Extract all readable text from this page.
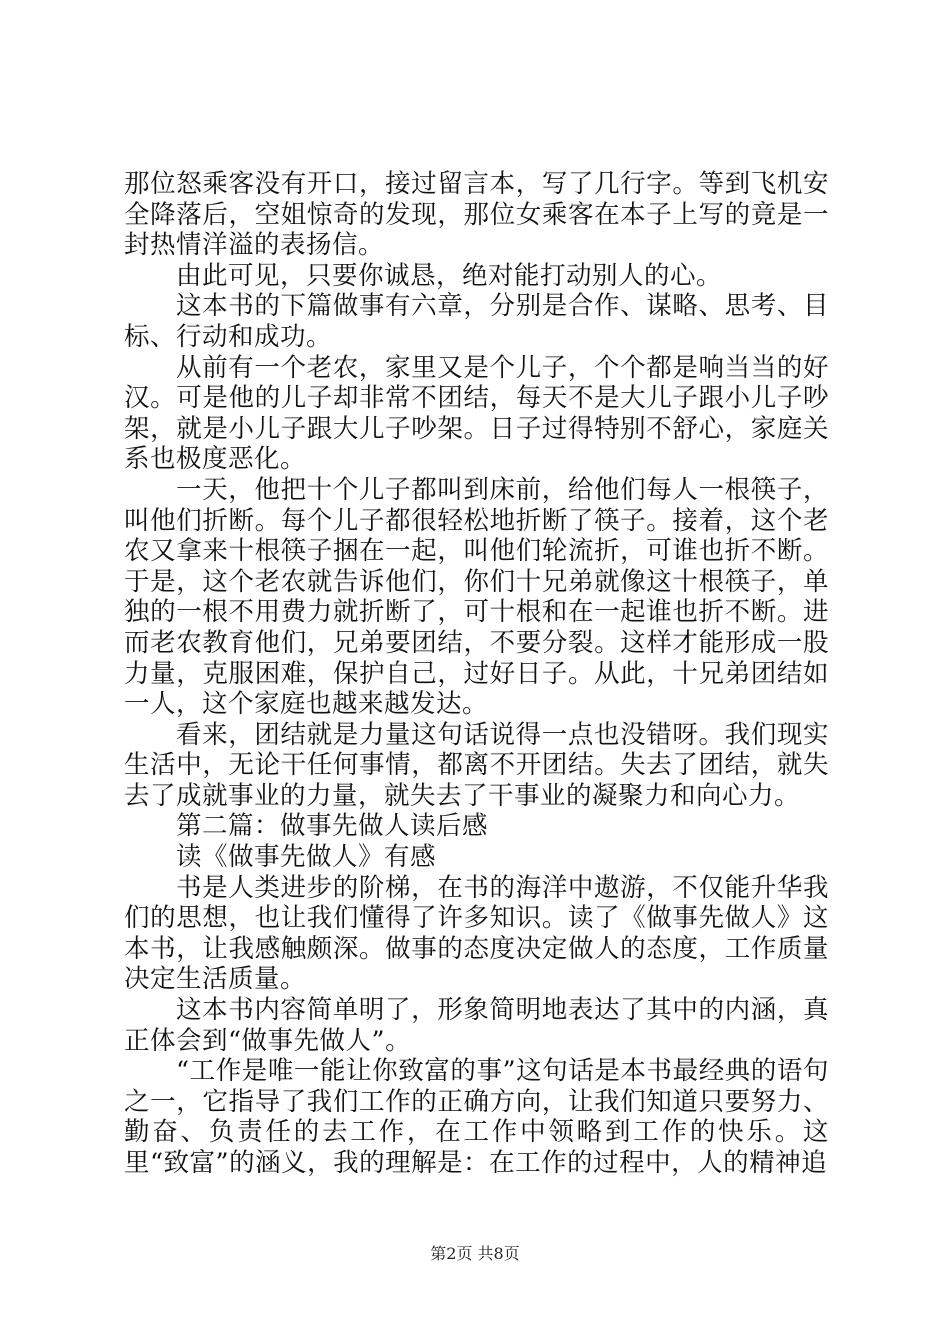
那位怒乘客没有开口，接过留言本，写了几行字。等到飞机安全降落后，空姐惊奇的发现，那位女乘客在本子上写的竟是一封热情洋溢的表扬信。

由此可见，只要你诚恳，绝对能打动别人的心。

这本书的下篇做事有六章，分别是合作、谋略、思考、目标、行动和成功。

从前有一个老农，家里又是个儿子，个个都是响当当的好汉。可是他的儿子却非常不团结，每天不是大儿子跟小儿子吵架，就是小儿子跟大儿子吵架。日子过得特别不舒心，家庭关系也极度恶化。

一天，他把十个儿子都叫到床前，给他们每人一根筷子，叫他们折断。每个儿子都很轻松地折断了筷子。接着，这个老农又拿来十根筷子捆在一起，叫他们轮流折，可谁也折不断。于是，这个老农就告诉他们，你们十兄弟就像这十根筷子，单独的一根不用费力就折断了，可十根和在一起谁也折不断。进而老农教育他们，兄弟要团结，不要分裂。这样才能形成一股力量，克服困难，保护自己，过好日子。从此，十兄弟团结如一人，这个家庭也越来越发达。

看来，团结就是力量这句话说得一点也没错呀。我们现实生活中，无论干任何事情，都离不开团结。失去了团结，就失去了成就事业的力量，就失去了干事业的凝聚力和向心力。

第二篇：做事先做人读后感

读《做事先做人》有感

书是人类进步的阶梯，在书的海洋中遨游，不仅能升华我们的思想，也让我们懂得了许多知识。读了《做事先做人》这本书，让我感触颇深。做事的态度决定做人的态度，工作质量决定生活质量。

这本书内容简单明了，形象简明地表达了其中的内涵，真正体会到“做事先做人”。

“工作是唯一能让你致富的事”这句话是本书最经典的语句之一，它指导了我们工作的正确方向，让我们知道只要努力、勤奋、负责任的去工作，在工作中领略到工作的快乐。这里“致富”的涵义，我的理解是：在工作的过程中，人的精神追

第2页 共8页
